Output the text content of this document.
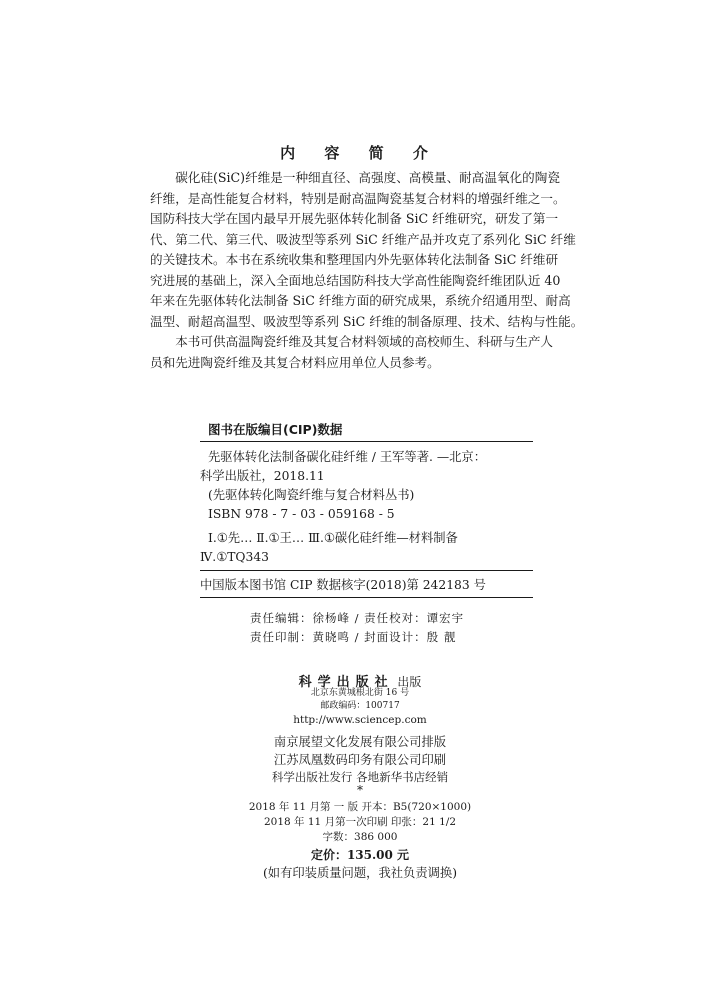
内 容 简 介

碳化硅(SiC)纤维是一种细直径、高强度、高模量、耐高温氧化的陶瓷

纤维，是高性能复合材料，特别是耐高温陶瓷基复合材料的增强纤维之一。
国防科技大学在国内最早开展先驱体转化制备 SiC 纤维研究，研发了第一
代、第二代、第三代、吸波型等系列 SiC 纤维产品并攻克了系列化 SiC 纤维
的关键技术。本书在系统收集和整理国内外先驱体转化法制备 SiC 纤维研
究进展的基础上，深入全面地总结国防科技大学高性能陶瓷纤维团队近 40
年来在先驱体转化法制备 SiC 纤维方面的研究成果，系统介绍通用型、耐高
温型、耐超高温型、吸波型等系列 SiC 纤维的制备原理、技术、结构与性能。

本书可供高温陶瓷纤维及其复合材料领域的高校师生、科研与生产人

员和先进陶瓷纤维及其复合材料应用单位人员参考。
图书在版编目(CIP)数据
先驱体转化法制备碳化硅纤维 / 王军等著. —北京：
科学出版社，2018.11
(先驱体转化陶瓷纤维与复合材料丛书)
ISBN 978 - 7 - 03 - 059168 - 5
Ⅰ.①先… Ⅱ.①王… Ⅲ.①碳化硅纤维—材料制备
Ⅳ.①TQ343
中国版本图书馆 CIP 数据核字(2018)第 242183 号
责任编辑：徐杨峰 / 责任校对：谭宏宇
责任印制：黄晓鸣 / 封面设计：殷 靓
科学出版社 出版
北京东黄城根北街 16 号
邮政编码：100717
http://www.sciencep.com
南京展望文化发展有限公司排版
江苏凤凰数码印务有限公司印刷
科学出版社发行 各地新华书店经销
*
2018 年 11 月第 一 版 开本：B5(720×1000)
2018 年 11 月第一次印刷 印张：21 1/2
字数：386 000
定价：135.00 元
(如有印装质量问题，我社负责调换)
